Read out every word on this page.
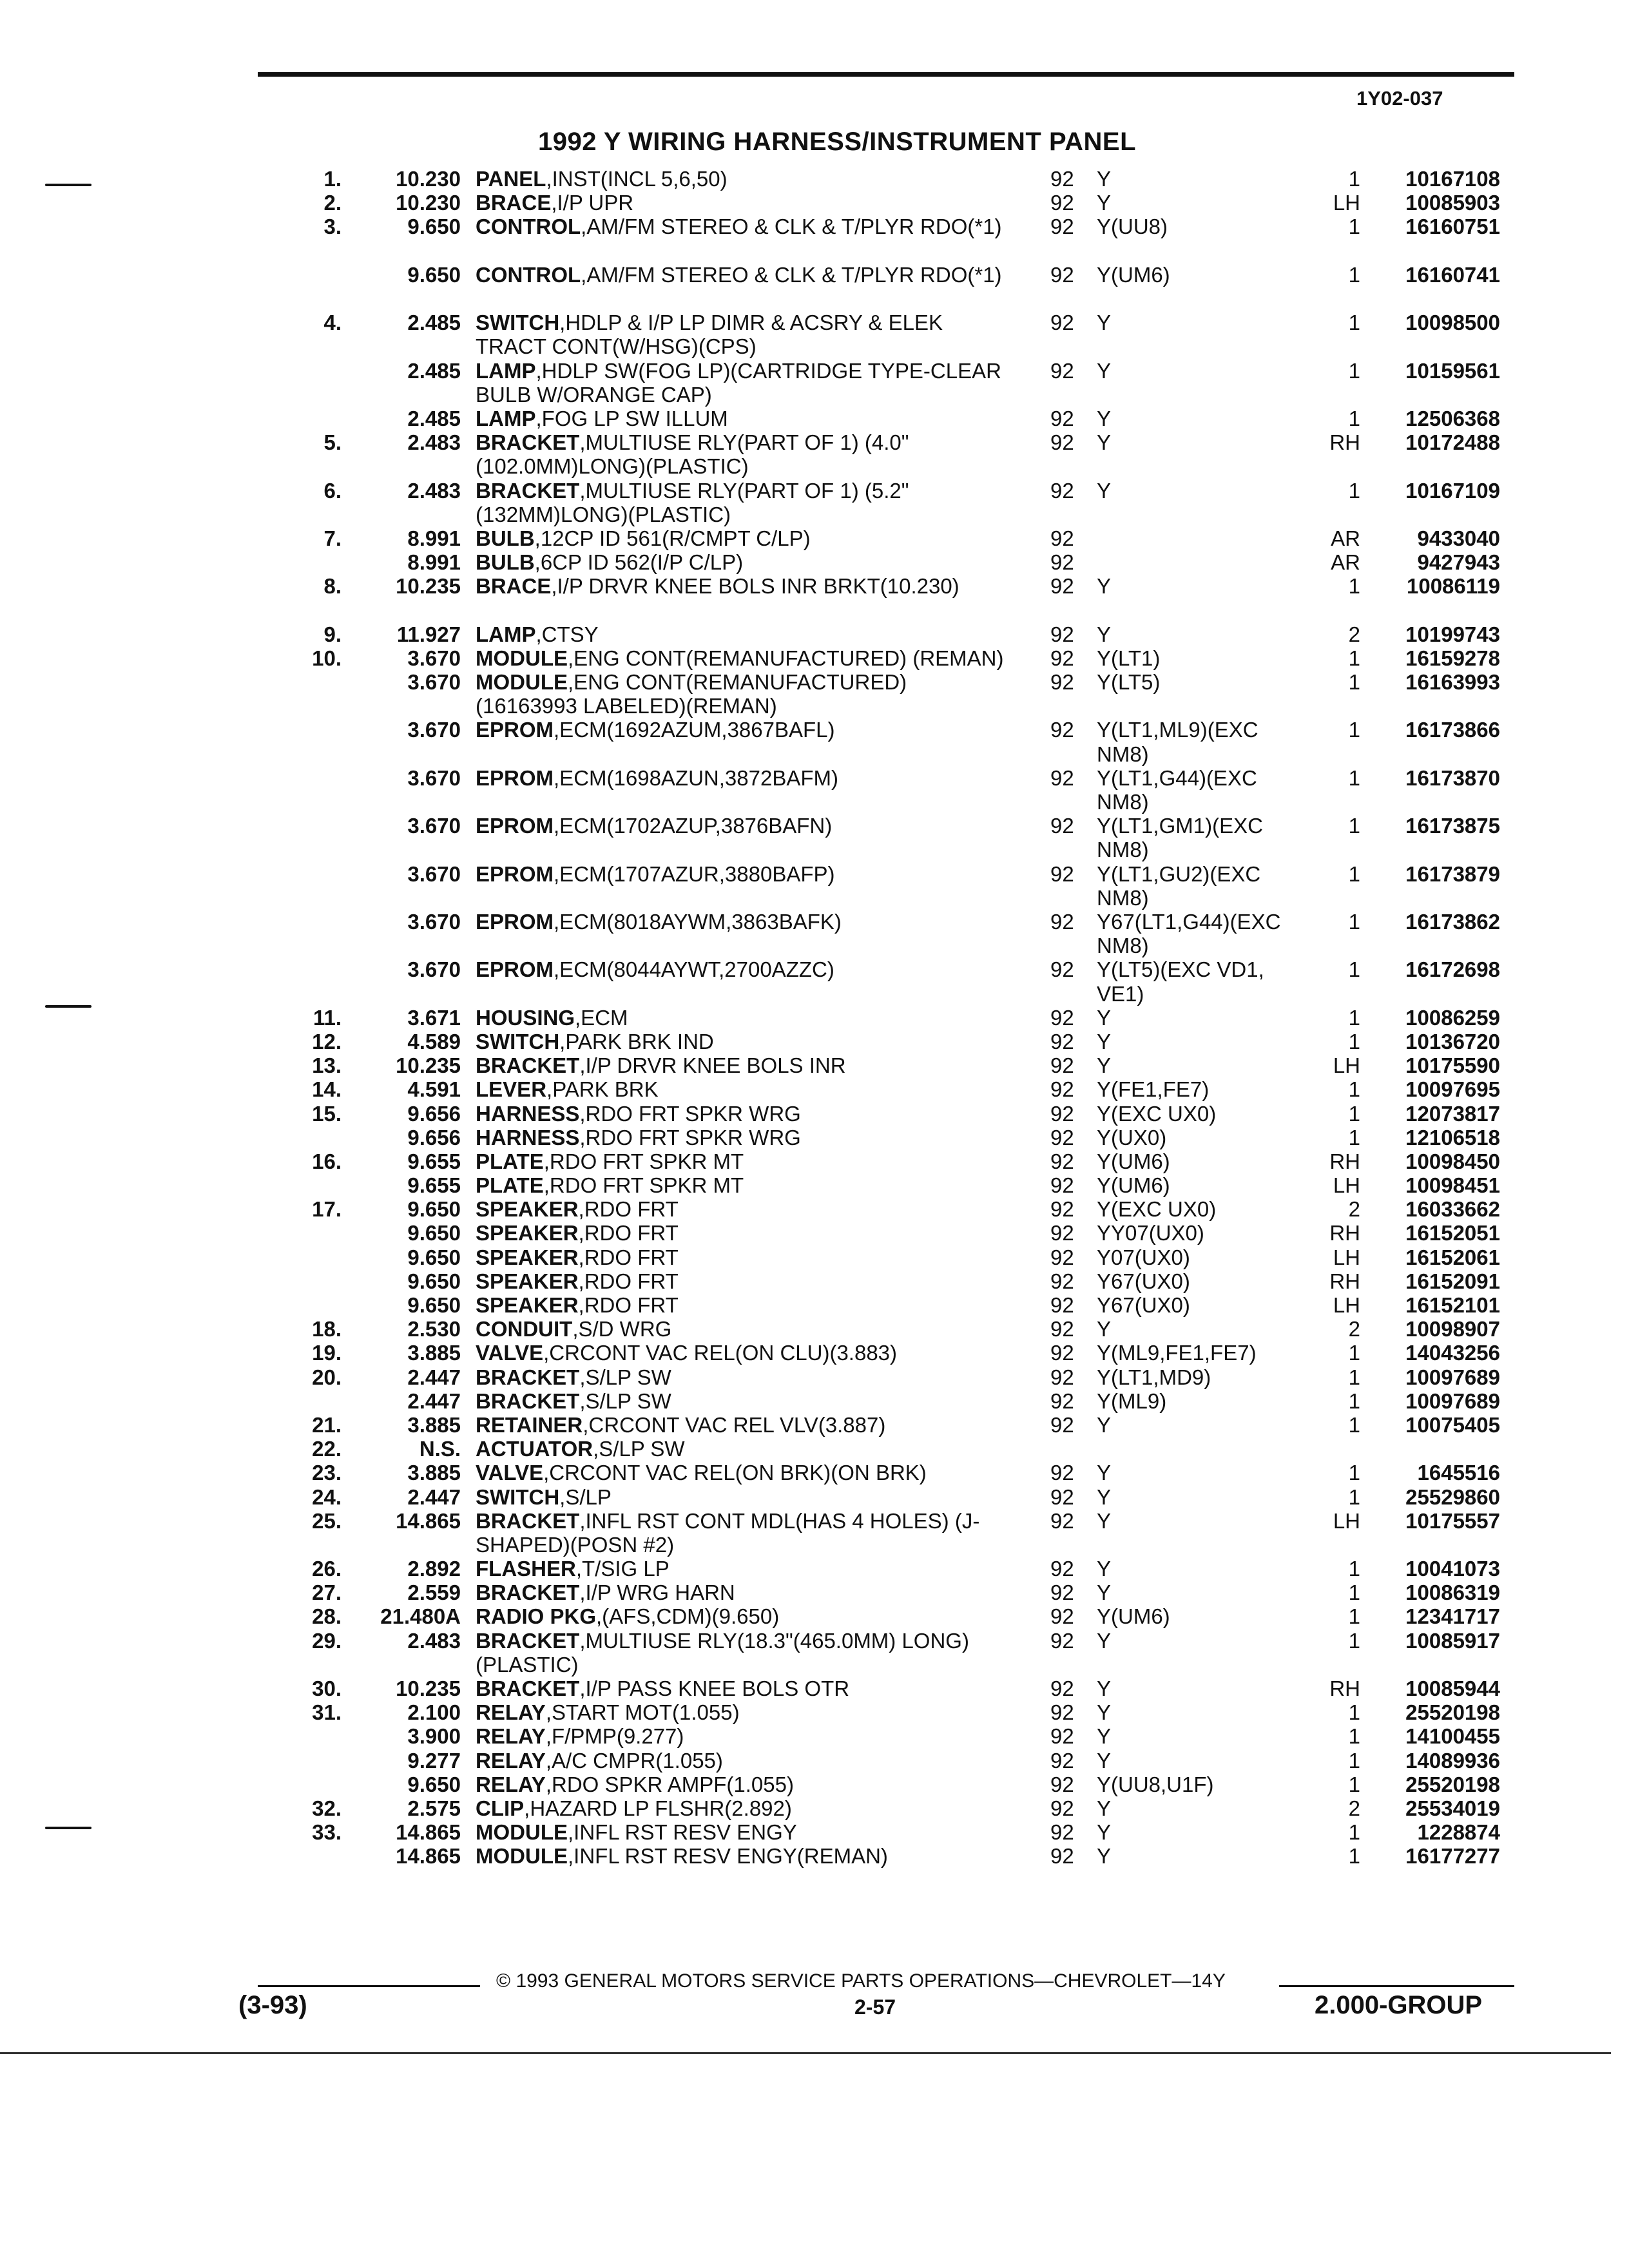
1Y02-037
1992 Y WIRING HARNESS/INSTRUMENT PANEL
1.	10.230 PANEL,INST(INCL 5,6,50)	92 Y	1 10167108
2.	10.230 BRACE,I/P UPR	92 Y	LH 10085903
3.	9.650 CONTROL,AM/FM STEREO & CLK & T/PLYR RDO(*1) 92 Y(UU8)	1 16160751
9.650 CONTROL,AM/FM STEREO & CLK & T/PLYR RDO(*1) 92 Y(UM6)	1 16160741
4.	2.485 SWITCH,HDLP & I/P LP DIMR & ACSRY & ELEK TRACT CONT(W/HSG)(CPS)
92 Y	1 10098500
2.485 LAMP,HDLP SW(FOG LP)(CARTRIDGE TYPE-CLEAR BULB W/ORANGE CAP)
92 Y	1 10159561
2.485 LAMP,FOG LP SW ILLUM	92 Y	1 12506368
5.	2.483 BRACKET,MULTIUSE RLY(PART OF 1) (4.0"(102.0MM)LONG)(PLASTIC)
92 Y	RH 10172488
6.	2.483 BRACKET,MULTIUSE RLY(PART OF 1) (5.2"(132MM)LONG)(PLASTIC)
92 Y	1 10167109
7.	8.991 BULB,12CP ID 561(R/CMPT C/LP)	92	AR	9433040
8.991 BULB,6CP ID 562(I/P C/LP)	92	AR	9427943
8.	10.235 BRACE,I/P DRVR KNEE BOLS INR BRKT(10.230)	92 Y	1 10086119
9.	11.927 LAMP,CTSY	92 Y	2 10199743
10.	3.670 MODULE,ENG CONT(REMANUFACTURED) (REMAN) 92 Y(LT1)	1 16159278
3.670 MODULE,ENG CONT(REMANUFACTURED) (16163993 LABELED)(REMAN)
92 Y(LT5)	1 16163993
3.670 EPROM,ECM(1692AZUM,3867BAFL)	92 Y(LT1,ML9)(EXC NM8)
1 16173866
3.670 EPROM,ECM(1698AZUN,3872BAFM)	92 Y(LT1,G44)(EXC NM8)
1 16173870
3.670 EPROM,ECM(1702AZUP,3876BAFN)	92 Y(LT1,GM1)(EXC NM8)
1 16173875
3.670 EPROM,ECM(1707AZUR,3880BAFP)	92 Y(LT1,GU2)(EXC NM8)
1 16173879
3.670 EPROM,ECM(8018AYWM,3863BAFK)	92 Y67(LT1,G44)(EXC NM8)
1 16173862
3.670 EPROM,ECM(8044AYWT,2700AZZC)	92 Y(LT5)(EXC VD1, VE1)
1 16172698
11.	3.671 HOUSING,ECM	92 Y	1 10086259
12.	4.589 SWITCH,PARK BRK IND	92 Y	1 10136720
13.	10.235 BRACKET,I/P DRVR KNEE BOLS INR	92 Y	LH 10175590
14.	4.591 LEVER,PARK BRK	92 Y(FE1,FE7)	1 10097695
15.	9.656 HARNESS,RDO FRT SPKR WRG	92 Y(EXC UX0)	1 12073817
9.656 HARNESS,RDO FRT SPKR WRG	92 Y(UX0)	1 12106518
16.	9.655 PLATE,RDO FRT SPKR MT	92 Y(UM6)	RH 10098450
9.655 PLATE,RDO FRT SPKR MT	92 Y(UM6)	LH 10098451
17.	9.650 SPEAKER,RDO FRT	92 Y(EXC UX0)	2 16033662
9.650 SPEAKER,RDO FRT	92 YY07(UX0)	RH 16152051
9.650 SPEAKER,RDO FRT	92 Y07(UX0)	LH 16152061
9.650 SPEAKER,RDO FRT	92 Y67(UX0)	RH 16152091
9.650 SPEAKER,RDO FRT	92 Y67(UX0)	LH 16152101
18.	2.530 CONDUIT,S/D WRG	92 Y	2 10098907
19.	3.885 VALVE,CRCONT VAC REL(ON CLU)(3.883)	92 Y(ML9,FE1,FE7)	1 14043256
20.	2.447 BRACKET,S/LP SW	92 Y(LT1,MD9)	1 10097689
2.447 BRACKET,S/LP SW	92 Y(ML9)	1 10097689
21.	3.885 RETAINER,CRCONT VAC REL VLV(3.887)	92 Y	1 10075405
22.	N.S. ACTUATOR,S/LP SW
23.	3.885 VALVE,CRCONT VAC REL(ON BRK)(ON BRK)	92 Y	1	1645516
24.	2.447 SWITCH,S/LP	92 Y	1 25529860
25.	14.865 BRACKET,INFL RST CONT MDL(HAS 4 HOLES) (J-SHAPED)(POSN #2)
92 Y	LH 10175557
26.	2.892 FLASHER,T/SIG LP	92 Y	1 10041073
27.	2.559 BRACKET,I/P WRG HARN	92 Y	1 10086319
28. 21.480A RADIO PKG,(AFS,CDM)(9.650)	92 Y(UM6)	1 12341717
29.	2.483 BRACKET,MULTIUSE RLY(18.3"(465.0MM) LONG)(PLASTIC)
92 Y	1 10085917
30.	10.235 BRACKET,I/P PASS KNEE BOLS OTR	92 Y	RH 10085944
31.	2.100 RELAY,START MOT(1.055)	92 Y	1 25520198
3.900 RELAY,F/PMP(9.277)	92 Y	1 14100455
9.277 RELAY,A/C CMPR(1.055)	92 Y	1 14089936
9.650 RELAY,RDO SPKR AMPF(1.055)	92 Y(UU8,U1F)	1 25520198
32.	2.575 CLIP,HAZARD LP FLSHR(2.892)	92 Y	2 25534019
33.	14.865 MODULE,INFL RST RESV ENGY	92 Y	1	1228874
14.865 MODULE,INFL RST RESV ENGY(REMAN)	92 Y	1 16177277
© 1993 GENERAL MOTORS SERVICE PARTS OPERATIONS—CHEVROLET—14Y
(3-93)	2-57	2.000-GROUP
